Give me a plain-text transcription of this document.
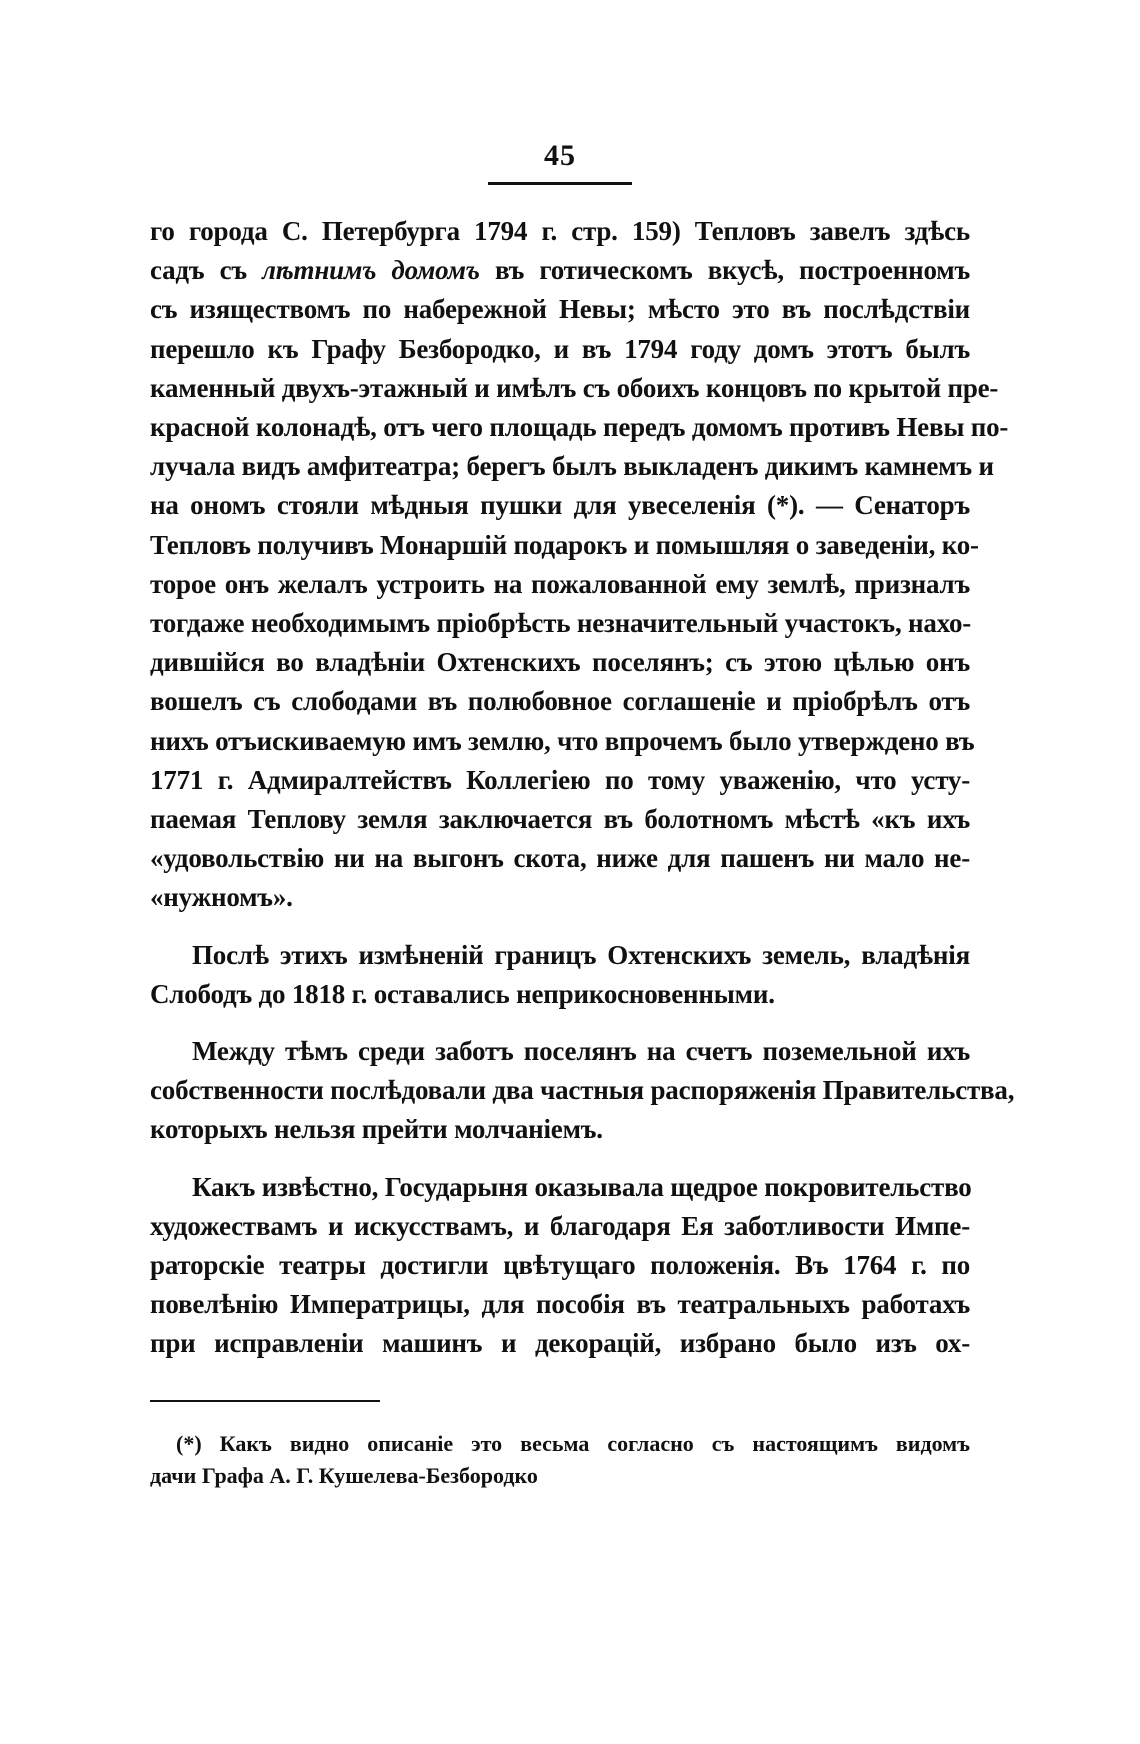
45
го города С. Петербурга 1794 г. стр. 159) Тепловъ завелъ здѣсь
садъ съ лѣтнимъ домомъ въ готическомъ вкусѣ, построенномъ
съ изяществомъ по набережной Невы; мѣсто это въ послѣдствіи
перешло къ Графу Безбородко, и въ 1794 году домъ этотъ былъ
каменный двухъ-этажный и имѣлъ съ обоихъ концовъ по крытой пре-
красной колонадѣ, отъ чего площадь передъ домомъ противъ Невы по-
лучала видъ амфитеатра; берегъ былъ выкладенъ дикимъ камнемъ и
на ономъ стояли мѣдныя пушки для увеселенія (*). — Сенаторъ
Тепловъ получивъ Монаршій подарокъ и помышляя о заведеніи, ко-
торое онъ желалъ устроить на пожалованной ему землѣ, призналъ
тогдаже необходимымъ пріобрѣсть незначительный участокъ, нахо-
дившійся во владѣніи Охтенскихъ поселянъ; съ этою цѣлью онъ
вошелъ съ слободами въ полюбовное соглашеніе и пріобрѣлъ отъ
нихъ отъискиваемую имъ землю, что впрочемъ было утверждено въ
1771 г. Адмиралтействъ Коллегіею по тому уваженію, что усту-
паемая Теплову земля заключается въ болотномъ мѣстѣ «къ ихъ
«удовольствію ни на выгонъ скота, ниже для пашенъ ни мало не-
«нужномъ».
Послѣ этихъ измѣненій границъ Охтенскихъ земель, владѣнія
Слободъ до 1818 г. оставались неприкосновенными.
Между тѣмъ среди заботъ поселянъ на счетъ поземельной ихъ
собственности послѣдовали два частныя распоряженія Правительства,
которыхъ нельзя прейти молчаніемъ.
Какъ извѣстно, Государыня оказывала щедрое покровительство
художествамъ и искусствамъ, и благодаря Ея заботливости Импе-
раторскіе театры достигли цвѣтущаго положенія. Въ 1764 г. по
повелѣнію Императрицы, для пособія въ театральныхъ работахъ
при исправленіи машинъ и декорацій, избрано было изъ ох-
(*) Какъ видно описаніе это весьма согласно съ настоящимъ видомъ
дачи Графа А. Г. Кушелева-Безбородко
